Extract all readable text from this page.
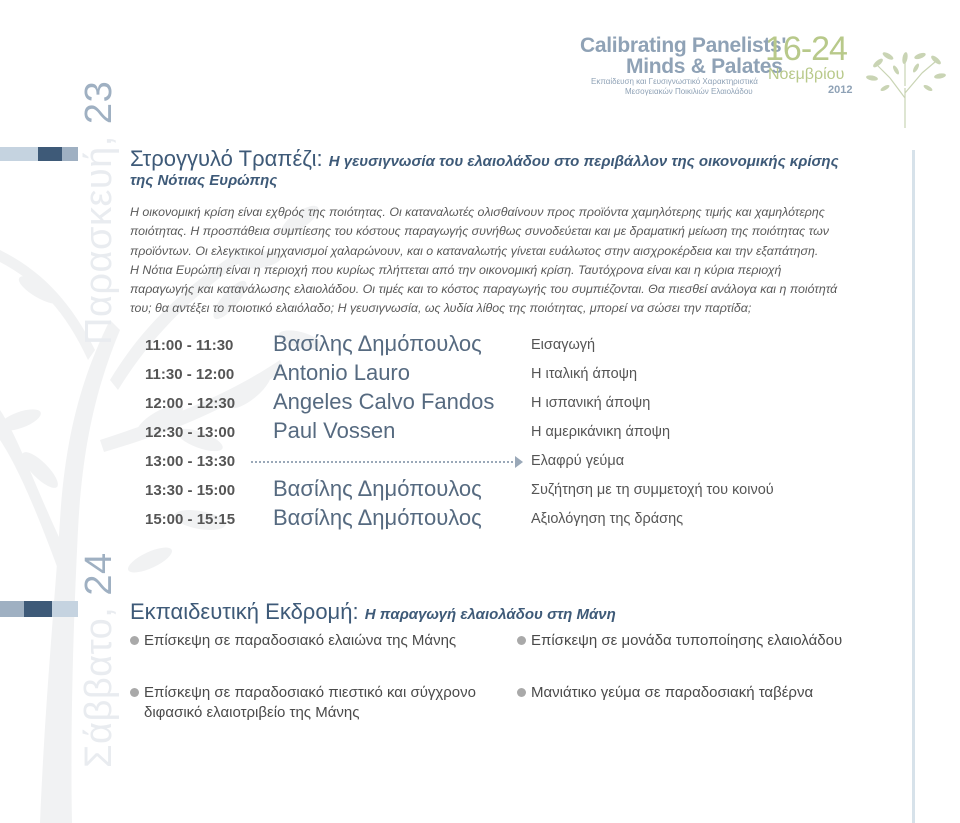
Calibrating Panelists'
Minds & Palates
Εκπαίδευση και Γευσιγνωστικό Χαρακτηριστικά
Μεσογειακών Ποικιλιών Ελαιολάδου
16-24
Νοεμβρίου
2012
Παρασκευή, 23
Στρογγυλό Τραπέζι: Η γευσιγνωσία του ελαιολάδου στο περιβάλλον της οικονομικής κρίσης
της Νότιας Ευρώπης

Η οικονομική κρίση είναι εχθρός της ποιότητας. Οι καταναλωτές ολισθαίνουν προς προϊόντα χαμηλότερης τιμής και χαμηλότερης

ποιότητας. Η προσπάθεια συμπίεσης του κόστους παραγωγής συνήθως συνοδεύεται και με δραματική μείωση της ποιότητας των

προϊόντων. Οι ελεγκτικοί μηχανισμοί χαλαρώνουν, και ο καταναλωτής γίνεται ευάλωτος στην αισχροκέρδεια και την εξαπάτηση.

Η Νότια Ευρώπη είναι η περιοχή που κυρίως πλήττεται από την οικονομική κρίση. Ταυτόχρονα είναι και η κύρια περιοχή

παραγωγής και κατανάλωσης ελαιολάδου. Οι τιμές και το κόστος παραγωγής του συμπιέζονται. Θα πιεσθεί ανάλογα και η ποιότητά

του; θα αντέξει το ποιοτικό ελαιόλαδο; Η γευσιγνωσία, ως λυδία λίθος της ποιότητας, μπορεί να σώσει την παρτίδα;

11:00 - 11:30 Βασίλης Δημόπουλος	Εισαγωγή
11:30 - 12:00 Antonio Lauro	Η ιταλική άποψη
12:00 - 12:30 Angeles Calvo Fandos	Η ισπανική άποψη
12:30 - 13:00 Paul Vossen	Η αμερικάνικη άποψη
13:00 - 13:30	Ελαφρύ γεύμα
13:30 - 15:00 Βασίλης Δημόπουλος	Συζήτηση με τη συμμετοχή του κοινού
15:00 - 15:15 Βασίλης Δημόπουλος	Αξιολόγηση της δράσης
Σάββατο, 24
Εκπαιδευτική Εκδρομή: Η παραγωγή ελαιολάδου στη Μάνη
Επίσκεψη σε παραδοσιακό ελαιώνα της Μάνης	Επίσκεψη σε μονάδα τυποποίησης ελαιολάδου
Επίσκεψη σε παραδοσιακό πιεστικό και σύγχρονο
διφασικό ελαιοτριβείο της Μάνης
Μανιάτικο γεύμα σε παραδοσιακή ταβέρνα
